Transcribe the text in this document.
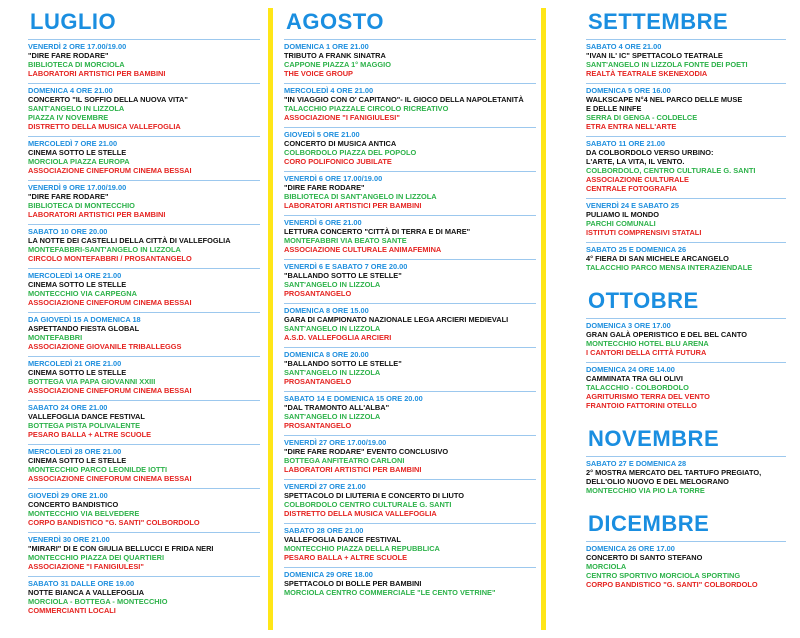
LUGLIO
VENERDÌ 2 ORE 17.00/19.00
"DIRE FARE RODARE"
BIBLIOTECA DI MORCIOLA
LABORATORI ARTISTICI PER BAMBINI
DOMENICA 4 ORE 21.00
CONCERTO "IL SOFFIO DELLA NUOVA VITA"
SANT'ANGELO IN LIZZOLA
PIAZZA IV NOVEMBRE
DISTRETTO DELLA MUSICA VALLEFOGLIA
MERCOLEDÌ 7 ORE 21.00
CINEMA SOTTO LE STELLE
MORCIOLA PIAZZA EUROPA
ASSOCIAZIONE CINEFORUM CINEMA BESSAI
VENERDÌ 9 ORE 17.00/19.00
"DIRE FARE RODARE"
BIBLIOTECA DI MONTECCHIO
LABORATORI ARTISTICI PER BAMBINI
SABATO 10 ORE 20.00
LA NOTTE DEI CASTELLI DELLA CITTÀ DI VALLEFOGLIA
MONTEFABBRI-SANT'ANGELO IN LIZZOLA
CIRCOLO MONTEFABBRI / PROSANTANGELO
MERCOLEDÌ 14 ORE 21.00
CINEMA SOTTO LE STELLE
MONTECCHIO VIA CARPEGNA
ASSOCIAZIONE CINEFORUM CINEMA BESSAI
DA GIOVEDÌ 15 A DOMENICA 18
ASPETTANDO FIESTA GLOBAL
MONTEFABBRI
ASSOCIAZIONE GIOVANILE TRIBALLEGGS
MERCOLEDÌ 21 ORE 21.00
CINEMA SOTTO LE STELLE
BOTTEGA VIA PAPA GIOVANNI XXIII
ASSOCIAZIONE CINEFORUM CINEMA BESSAI
SABATO 24 ORE 21.00
VALLEFOGLIA DANCE FESTIVAL
BOTTEGA PISTA POLIVALENTE
PESARO BALLA + ALTRE SCUOLE
MERCOLEDÌ 28 ORE 21.00
CINEMA SOTTO LE STELLE
MONTECCHIO PARCO LEONILDE IOTTI
ASSOCIAZIONE CINEFORUM CINEMA BESSAI
GIOVEDÌ 29 ORE 21.00
CONCERTO BANDISTICO
MONTECCHIO VIA BELVEDERE
CORPO BANDISTICO "G. SANTI" COLBORDOLO
VENERDÌ 30 ORE 21.00
"MIRARI" DI E CON GIULIA BELLUCCI E FRIDA NERI
MONTECCHIO PIAZZA DEI QUARTIERI
ASSOCIAZIONE "I FANIGIULESI"
SABATO 31 DALLE ORE 19.00
NOTTE BIANCA A VALLEFOGLIA
MORCIOLA - BOTTEGA - MONTECCHIO
COMMERCIANTI LOCALI
AGOSTO
DOMENICA 1 ORE 21.00
TRIBUTO A FRANK SINATRA
CAPPONE PIAZZA 1° MAGGIO
THE VOICE GROUP
MERCOLEDÌ 4 ORE 21.00
"IN VIAGGIO CON O' CAPITANO"- IL GIOCO DELLA NAPOLETANITÀ
TALACCHIO PIAZZALE CIRCOLO RICREATIVO
ASSOCIAZIONE "I FANIGIULESI"
GIOVEDÌ 5 ORE 21.00
CONCERTO DI MUSICA ANTICA
COLBORDOLO PIAZZA DEL POPOLO
CORO POLIFONICO JUBILATE
VENERDÌ 6 ORE 17.00/19.00
"DIRE FARE RODARE"
BIBLIOTECA DI SANT'ANGELO IN LIZZOLA
LABORATORI ARTISTICI PER BAMBINI
VENERDÌ 6 ORE 21.00
LETTURA CONCERTO "CITTÀ DI TERRA E DI MARE"
MONTEFABBRI VIA BEATO SANTE
ASSOCIAZIONE CULTURALE ANIMAFEMINA
VENERDÌ 6 E SABATO 7 ORE 20.00
"BALLANDO SOTTO LE STELLE"
SANT'ANGELO IN LIZZOLA
PROSANTANGELO
DOMENICA 8 ORE 15.00
GARA DI CAMPIONATO NAZIONALE LEGA ARCIERI MEDIEVALI
SANT'ANGELO IN LIZZOLA
A.S.D. VALLEFOGLIA ARCIERI
DOMENICA 8 ORE 20.00
"BALLANDO SOTTO LE STELLE"
SANT'ANGELO IN LIZZOLA
PROSANTANGELO
SABATO 14 E DOMENICA 15 ORE 20.00
"DAL TRAMONTO ALL'ALBA"
SANT'ANGELO IN LIZZOLA
PROSANTANGELO
VENERDÌ 27 ORE 17.00/19.00
"DIRE FARE RODARE" EVENTO CONCLUSIVO
BOTTEGA ANFITEATRO CARLONI
LABORATORI ARTISTICI PER BAMBINI
VENERDÌ 27 ORE 21.00
SPETTACOLO DI LIUTERIA E CONCERTO DI LIUTO
COLBORDOLO CENTRO CULTURALE G. SANTI
DISTRETTO DELLA MUSICA VALLEFOGLIA
SABATO 28 ORE 21.00
VALLEFOGLIA DANCE FESTIVAL
MONTECCHIO PIAZZA DELLA REPUBBLICA
PESARO BALLA + ALTRE SCUOLE
DOMENICA 29 ORE 18.00
SPETTACOLO DI BOLLE PER BAMBINI
MORCIOLA CENTRO COMMERCIALE "LE CENTO VETRINE"
SETTEMBRE
SABATO 4 ORE 21.00
"IVAN IL' IC" SPETTACOLO TEATRALE
SANT'ANGELO IN LIZZOLA FONTE DEI POETI
REALTÀ TEATRALE SKENEXODIA
DOMENICA 5 ORE 16.00
WALKSCAPE N°4 NEL PARCO DELLE MUSE
E DELLE NINFE
SERRA DI GENGA - COLDELCE
ETRA ENTRA NELL'ARTE
SABATO 11 ORE 21.00
DA COLBORDOLO VERSO URBINO:
L'ARTE, LA VITA, IL VENTO.
COLBORDOLO, CENTRO CULTURALE G. SANTI
ASSOCIAZIONE CULTURALE
CENTRALE FOTOGRAFIA
VENERDÌ 24 E SABATO 25
PULIAMO IL MONDO
PARCHI COMUNALI
ISTITUTI COMPRENSIVI STATALI
SABATO 25 E DOMENICA 26
4° FIERA DI SAN MICHELE ARCANGELO
TALACCHIO PARCO MENSA INTERAZIENDALE
OTTOBRE
DOMENICA 3 ORE 17.00
GRAN GALÀ OPERISTICO E DEL BEL CANTO
MONTECCHIO HOTEL BLU ARENA
I CANTORI DELLA CITTÀ FUTURA
DOMENICA 24 ORE 14.00
CAMMINATA TRA GLI OLIVI
TALACCHIO - COLBORDOLO
AGRITURISMO TERRA DEL VENTO
FRANTOIO FATTORINI OTELLO
NOVEMBRE
SABATO 27 E DOMENICA 28
2° MOSTRA MERCATO DEL TARTUFO PREGIATO,
DELL'OLIO NUOVO E DEL MELOGRANO
MONTECCHIO VIA PIO LA TORRE
DICEMBRE
DOMENICA 26 ORE 17.00
CONCERTO DI SANTO STEFANO
MORCIOLA
CENTRO SPORTIVO MORCIOLA SPORTING
CORPO BANDISTICO "G. SANTI" COLBORDOLO
